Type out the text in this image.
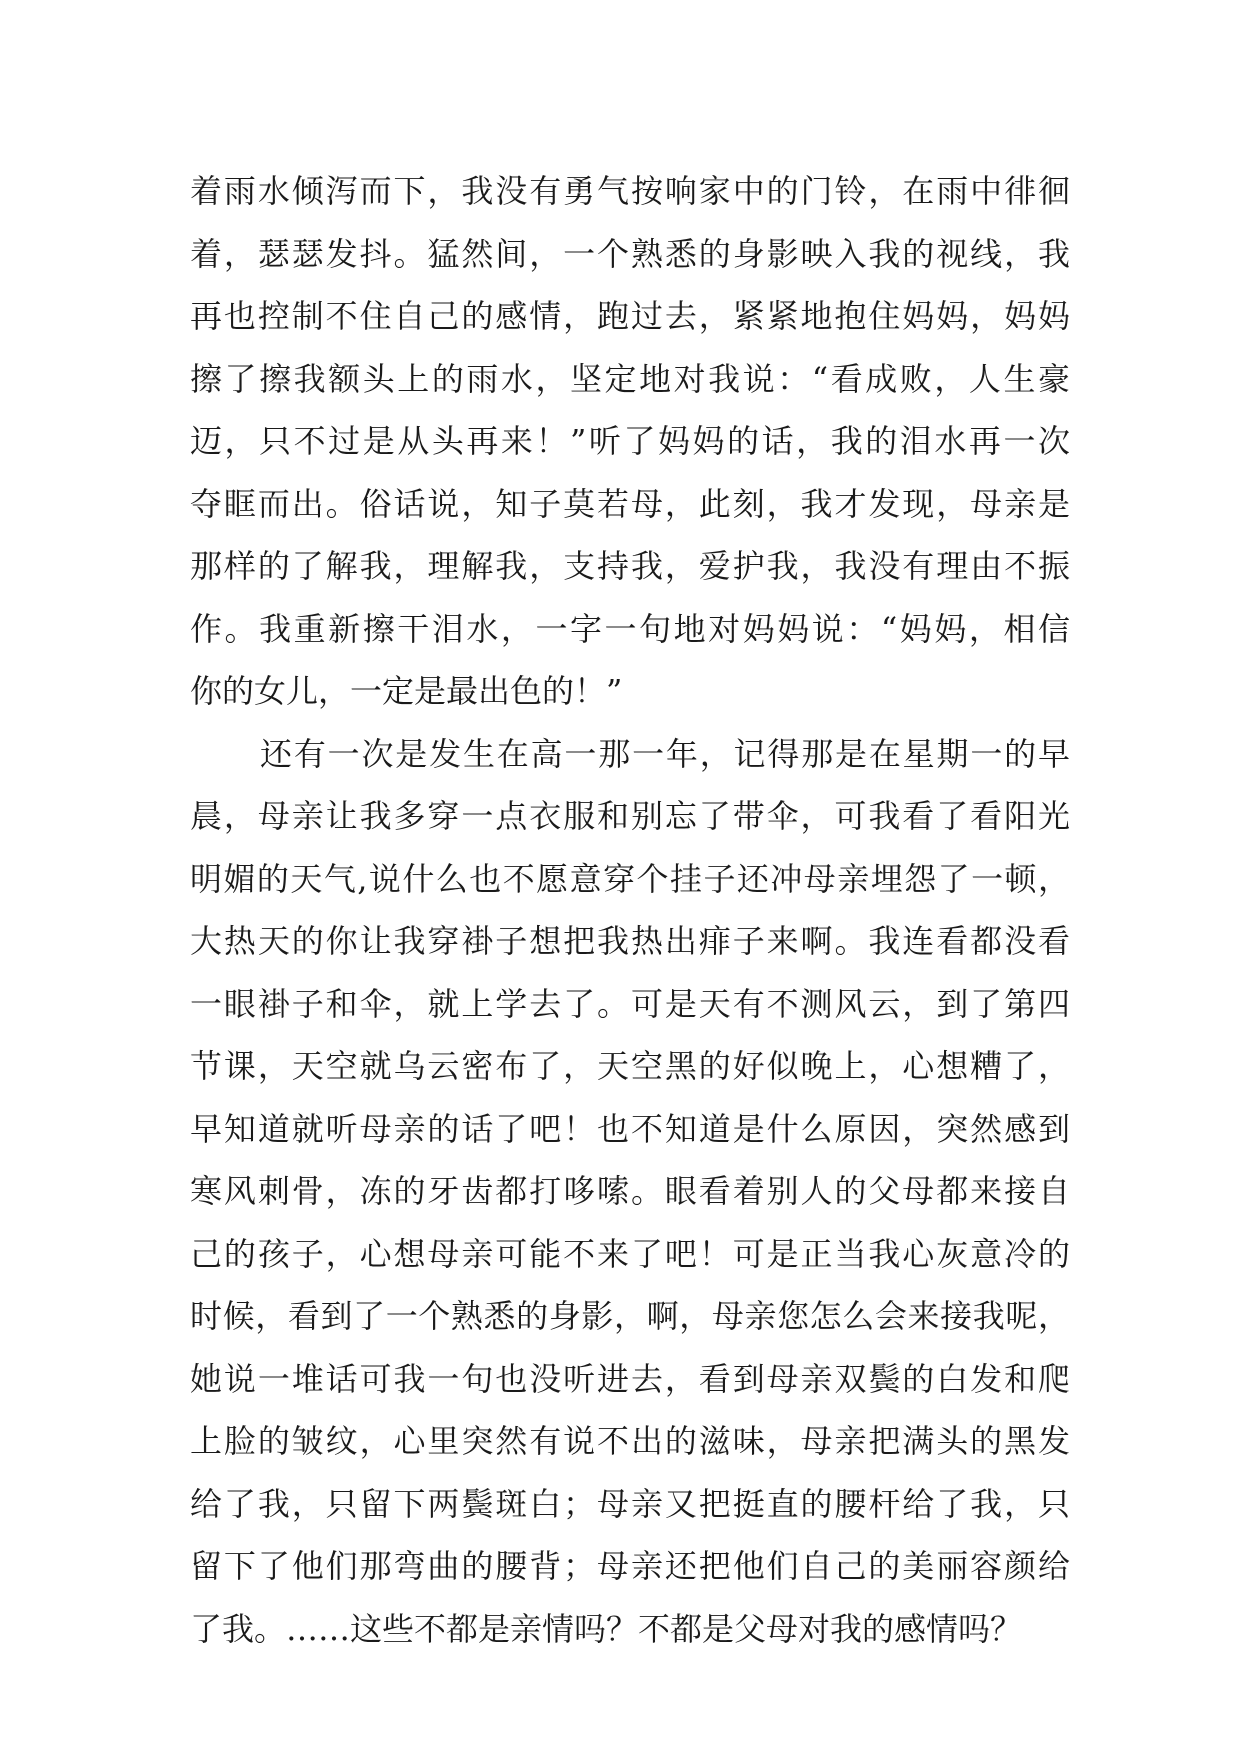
着雨水倾泻而下，我没有勇气按响家中的门铃，在雨中徘徊
着，瑟瑟发抖。猛然间，一个熟悉的身影映入我的视线，我
再也控制不住自己的感情，跑过去，紧紧地抱住妈妈，妈妈
擦了擦我额头上的雨水，坚定地对我说：“看成败，人生豪
迈，只不过是从头再来！”听了妈妈的话，我的泪水再一次
夺眶而出。俗话说，知子莫若母，此刻，我才发现，母亲是
那样的了解我，理解我，支持我，爱护我，我没有理由不振
作。我重新擦干泪水，一字一句地对妈妈说：“妈妈，相信
你的女儿，一定是最出色的！”
还有一次是发生在高一那一年，记得那是在星期一的早
晨，母亲让我多穿一点衣服和别忘了带伞，可我看了看阳光
明媚的天气,说什么也不愿意穿个挂子还冲母亲埋怨了一顿，
大热天的你让我穿褂子想把我热出痱子来啊。我连看都没看
一眼褂子和伞，就上学去了。可是天有不测风云，到了第四
节课，天空就乌云密布了，天空黑的好似晚上，心想糟了，
早知道就听母亲的话了吧！也不知道是什么原因，突然感到
寒风刺骨，冻的牙齿都打哆嗦。眼看着别人的父母都来接自
己的孩子，心想母亲可能不来了吧！可是正当我心灰意冷的
时候，看到了一个熟悉的身影，啊，母亲您怎么会来接我呢，
她说一堆话可我一句也没听进去，看到母亲双鬓的白发和爬
上脸的皱纹，心里突然有说不出的滋味，母亲把满头的黑发
给了我，只留下两鬓斑白；母亲又把挺直的腰杆给了我，只
留下了他们那弯曲的腰背；母亲还把他们自己的美丽容颜给
了我。……这些不都是亲情吗？不都是父母对我的感情吗？
